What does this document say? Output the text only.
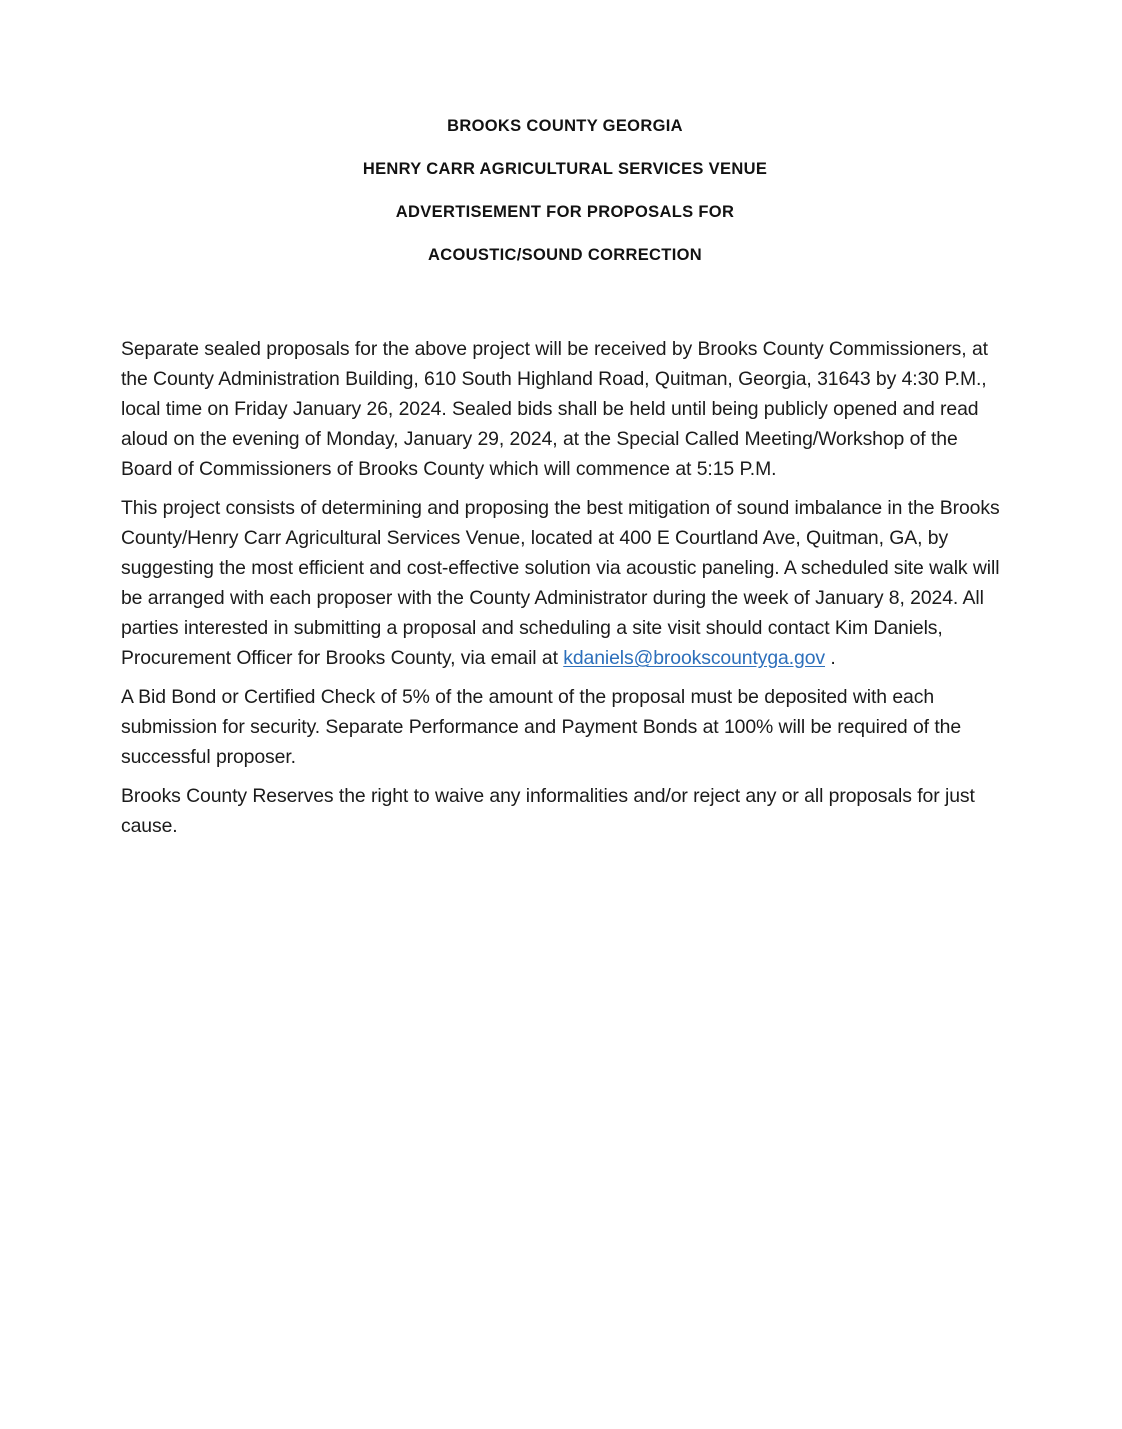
BROOKS COUNTY GEORGIA
HENRY CARR AGRICULTURAL SERVICES VENUE
ADVERTISEMENT FOR PROPOSALS FOR
ACOUSTIC/SOUND CORRECTION

Separate sealed proposals for the above project will be received by Brooks County Commissioners, at the County Administration Building, 610 South Highland Road, Quitman, Georgia, 31643 by 4:30 P.M., local time on Friday January 26, 2024. Sealed bids shall be held until being publicly opened and read aloud on the evening of Monday, January 29, 2024, at the Special Called Meeting/Workshop of the Board of Commissioners of Brooks County which will commence at 5:15 P.M.

This project consists of determining and proposing the best mitigation of sound imbalance in the Brooks County/Henry Carr Agricultural Services Venue, located at 400 E Courtland Ave, Quitman, GA, by suggesting the most efficient and cost-effective solution via acoustic paneling. A scheduled site walk will be arranged with each proposer with the County Administrator during the week of January 8, 2024. All parties interested in submitting a proposal and scheduling a site visit should contact Kim Daniels, Procurement Officer for Brooks County, via email at kdaniels@brookscountyga.gov .

A Bid Bond or Certified Check of 5% of the amount of the proposal must be deposited with each submission for security. Separate Performance and Payment Bonds at 100% will be required of the successful proposer.

Brooks County Reserves the right to waive any informalities and/or reject any or all proposals for just cause.
